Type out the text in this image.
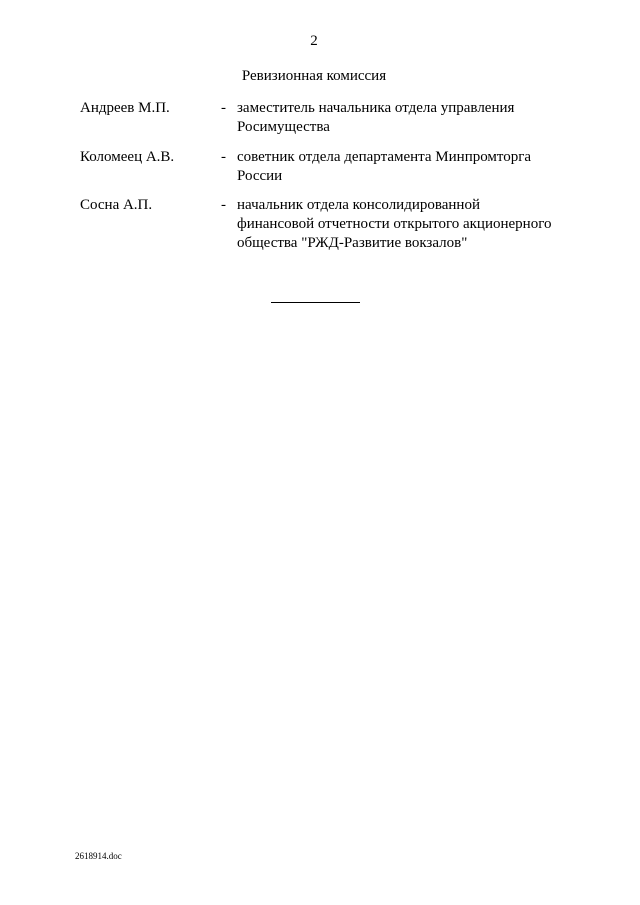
2
Ревизионная комиссия
Андреев М.П.	- заместитель начальника отдела управления
Росимущества
Коломеец А.В.	- советник отдела департамента Минпромторга
России
Сосна А.П.	- начальник отдела консолидированной
финансовой отчетности открытого акционерного
общества "РЖД-Развитие вокзалов"
2618914.doc
